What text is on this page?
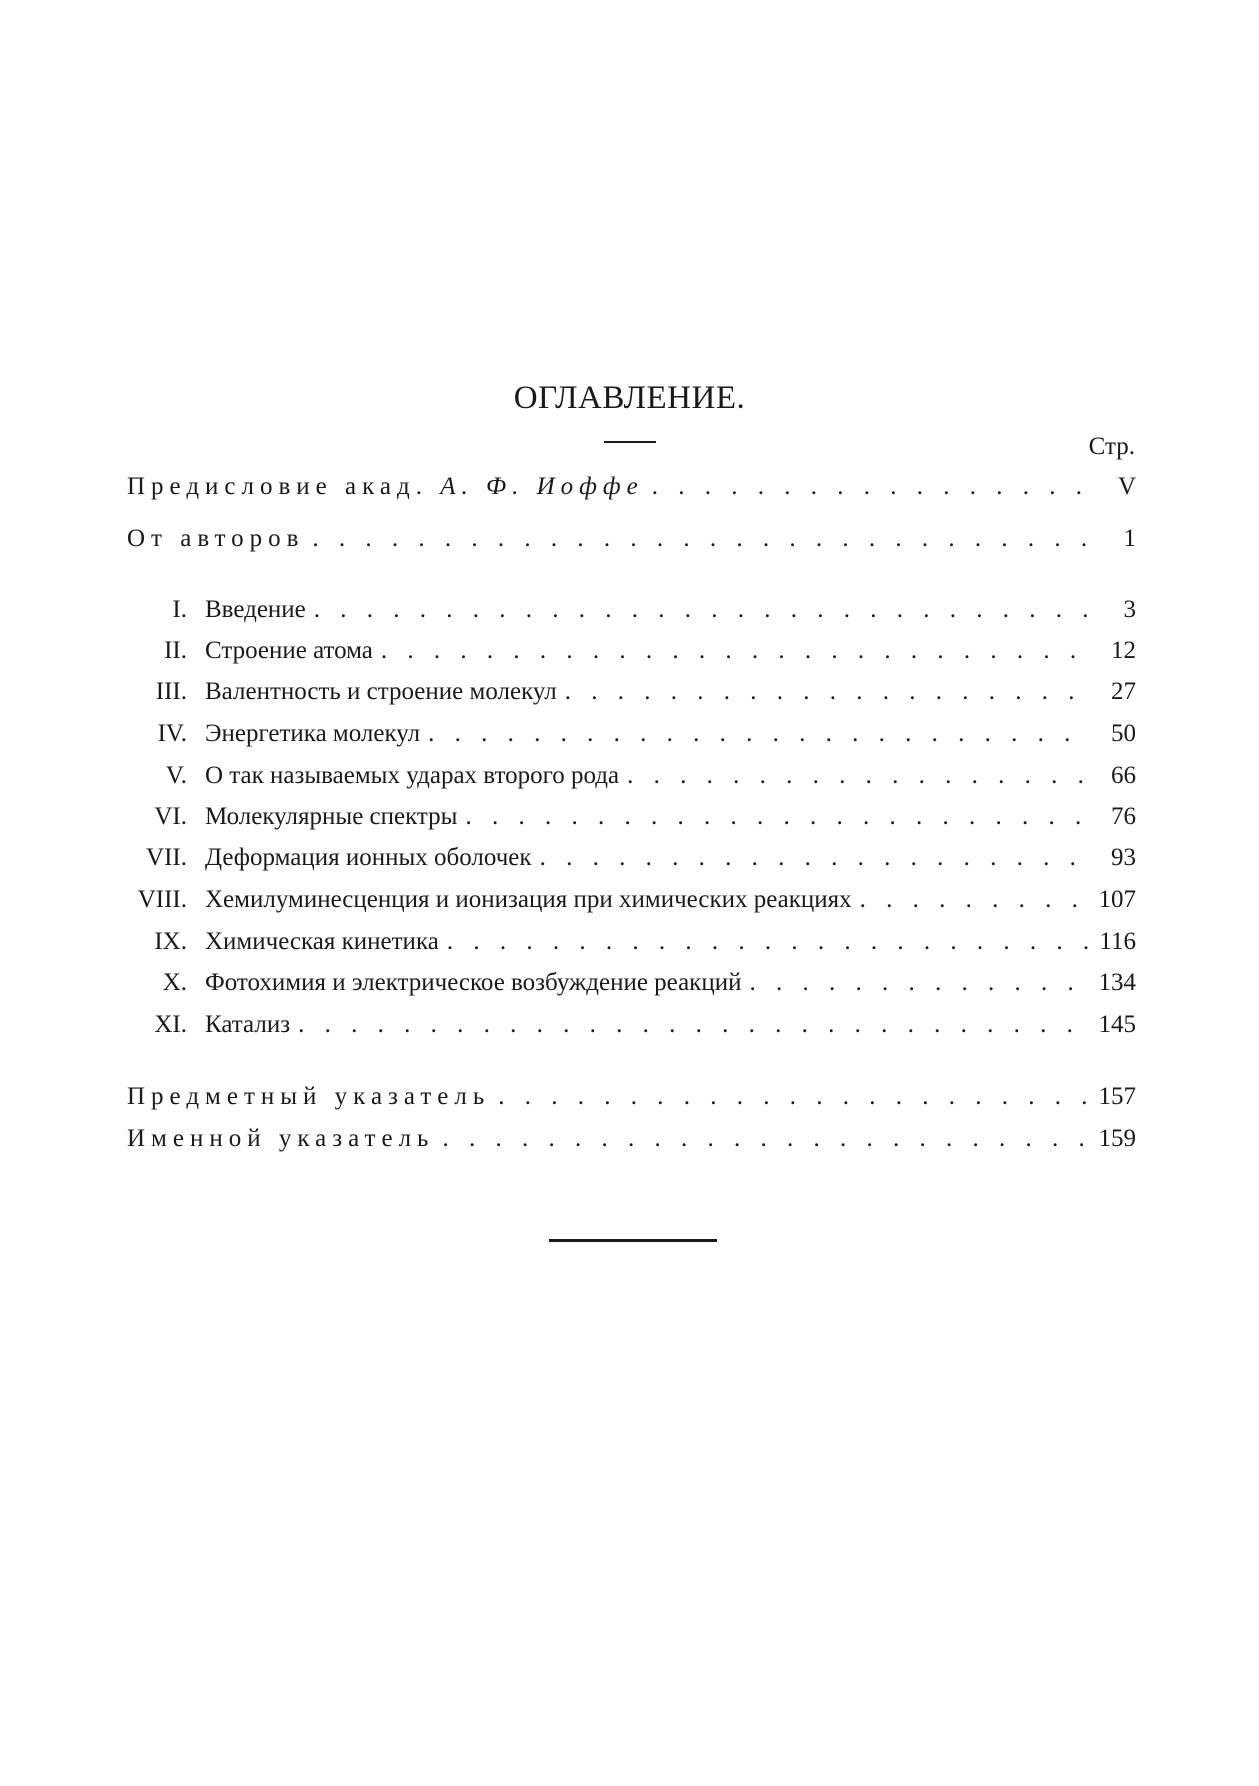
ОГЛАВЛЕНИЕ.
Стр.
Предисловие акад. А. Ф. Иоффе . . .	V
От авторов . . .	1
I. Введение . . .	3
II. Строение атома . . .	12
III. Валентность и строение молекул . . .	27
IV. Энергетика молекул . . .	50
V. О так называемых ударах второго рода . . .	66
VI. Молекулярные спектры . . .	76
VII. Деформация ионных оболочек . . .	93
VIII. Хемилуминесценция и ионизация при химических реакциях . . .	107
IX. Химическая кинетика . . .	116
X. Фотохимия и электрическое возбуждение реакций . . .	134
XI. Катализ . . .	145
Предметный указатель . . .	157
Именной указатель . . .	159
